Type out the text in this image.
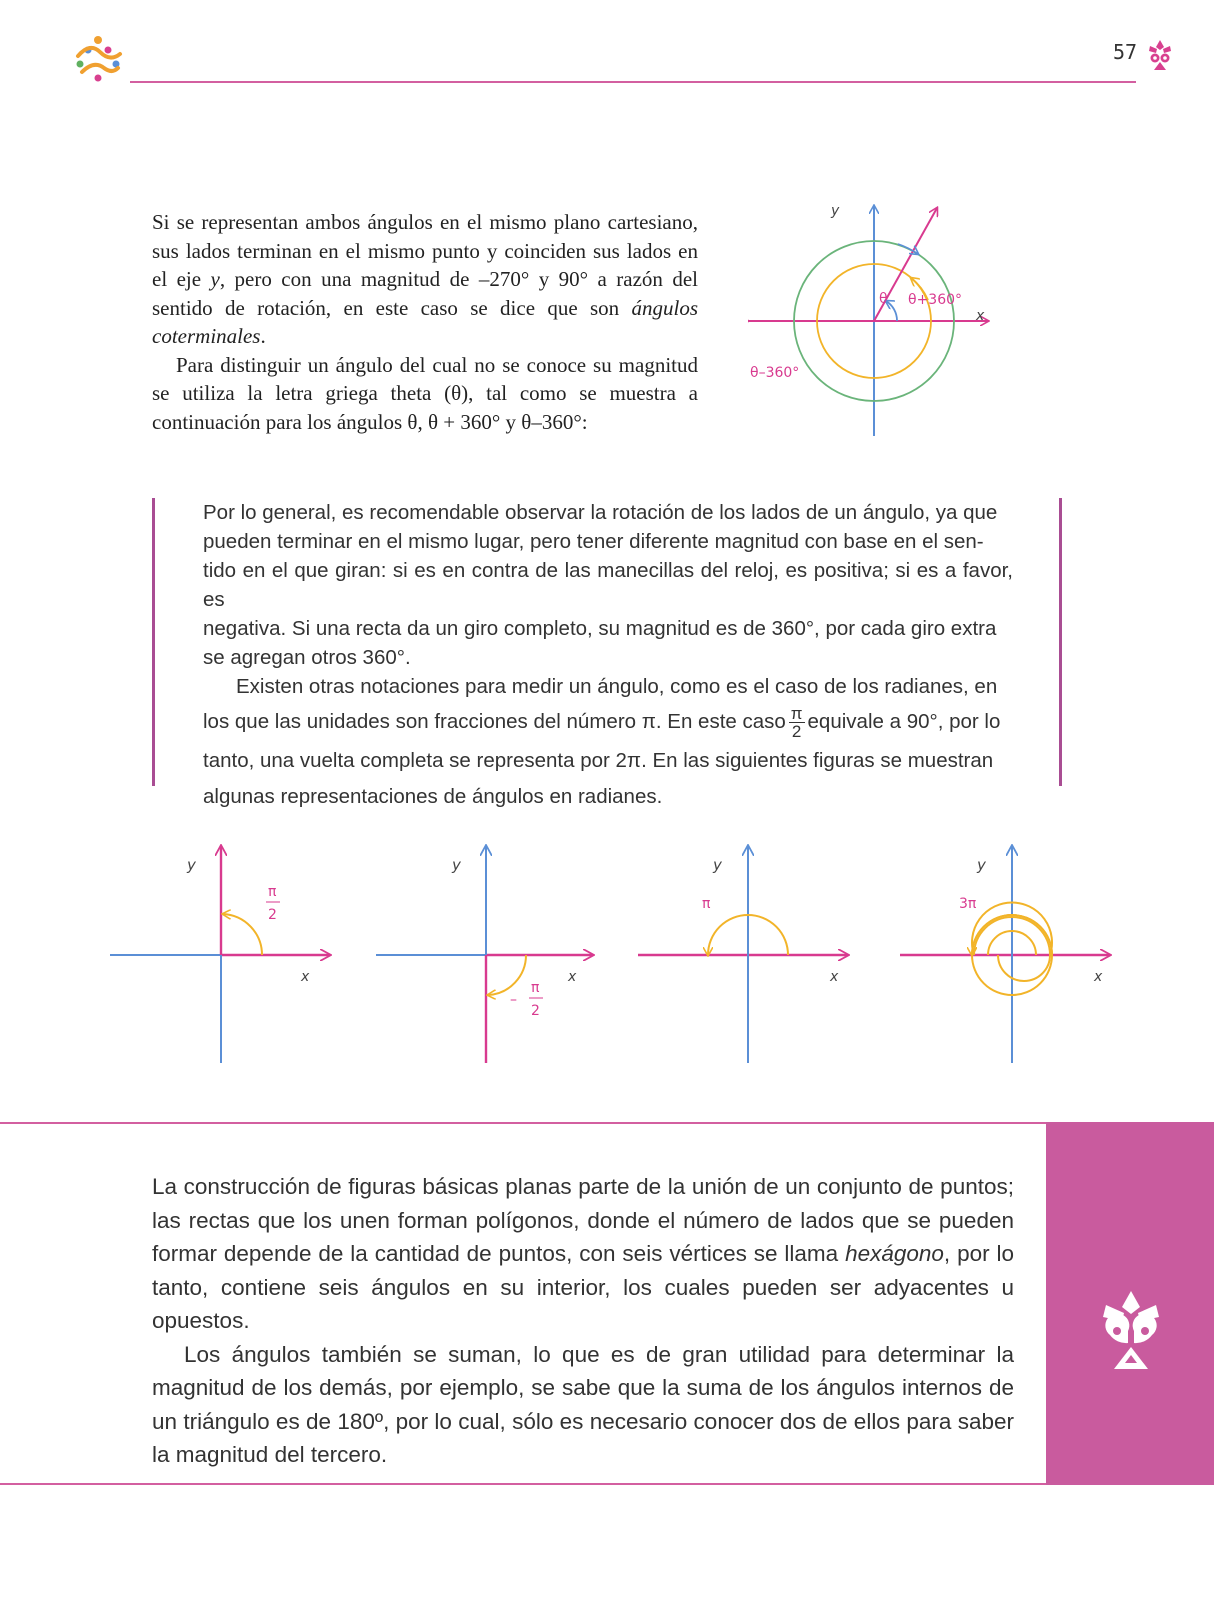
57

Si se representan ambos ángulos en el mismo plano cartesiano, sus lados terminan en el mismo punto y coinciden sus lados en el eje y, pero con una magnitud de –270° y 90° a razón del sentido de rotación, en este caso se dice que son ángulos coterminales.

Para distinguir un ángulo del cual no se conoce su magnitud se utiliza la letra griega theta (θ), tal como se muestra a continuación para los ángulos θ, θ + 360° y θ–360°:

y
x
θ θ+360°
θ–360°
Por lo general, es recomendable observar la rotación de los lados de un ángulo, ya que
pueden terminar en el mismo lugar, pero tener diferente magnitud con base en el sen-
tido en el que giran: si es en contra de las manecillas del reloj, es positiva; si es a favor, es
negativa. Si una recta da un giro completo, su magnitud es de 360°, por cada giro extra
se agregan otros 360°.
Existen otras notaciones para medir un ángulo, como es el caso de los radianes, en
los que las unidades son fracciones del número π. En este caso $\frac{\pi}{2}$ equivale a 90°, por lo
tanto, una vuelta completa se representa por 2π. En las siguientes figuras se muestran
algunas representaciones de ángulos en radianes.
y
x
π
2
y
x
–
π
2
y
x
π
y
x
3π

La construcción de figuras básicas planas parte de la unión de un conjunto de puntos; las rectas que los unen forman polígonos, donde el número de lados que se pueden formar depende de la cantidad de puntos, con seis vértices se llama hexágono, por lo tanto, contiene seis ángulos en su interior, los cuales pueden ser adyacentes u opuestos.

Los ángulos también se suman, lo que es de gran utilidad para determinar la magnitud de los demás, por ejemplo, se sabe que la suma de los ángulos internos de un triángulo es de 180º, por lo cual, sólo es necesario conocer dos de ellos para saber la magnitud del tercero.
